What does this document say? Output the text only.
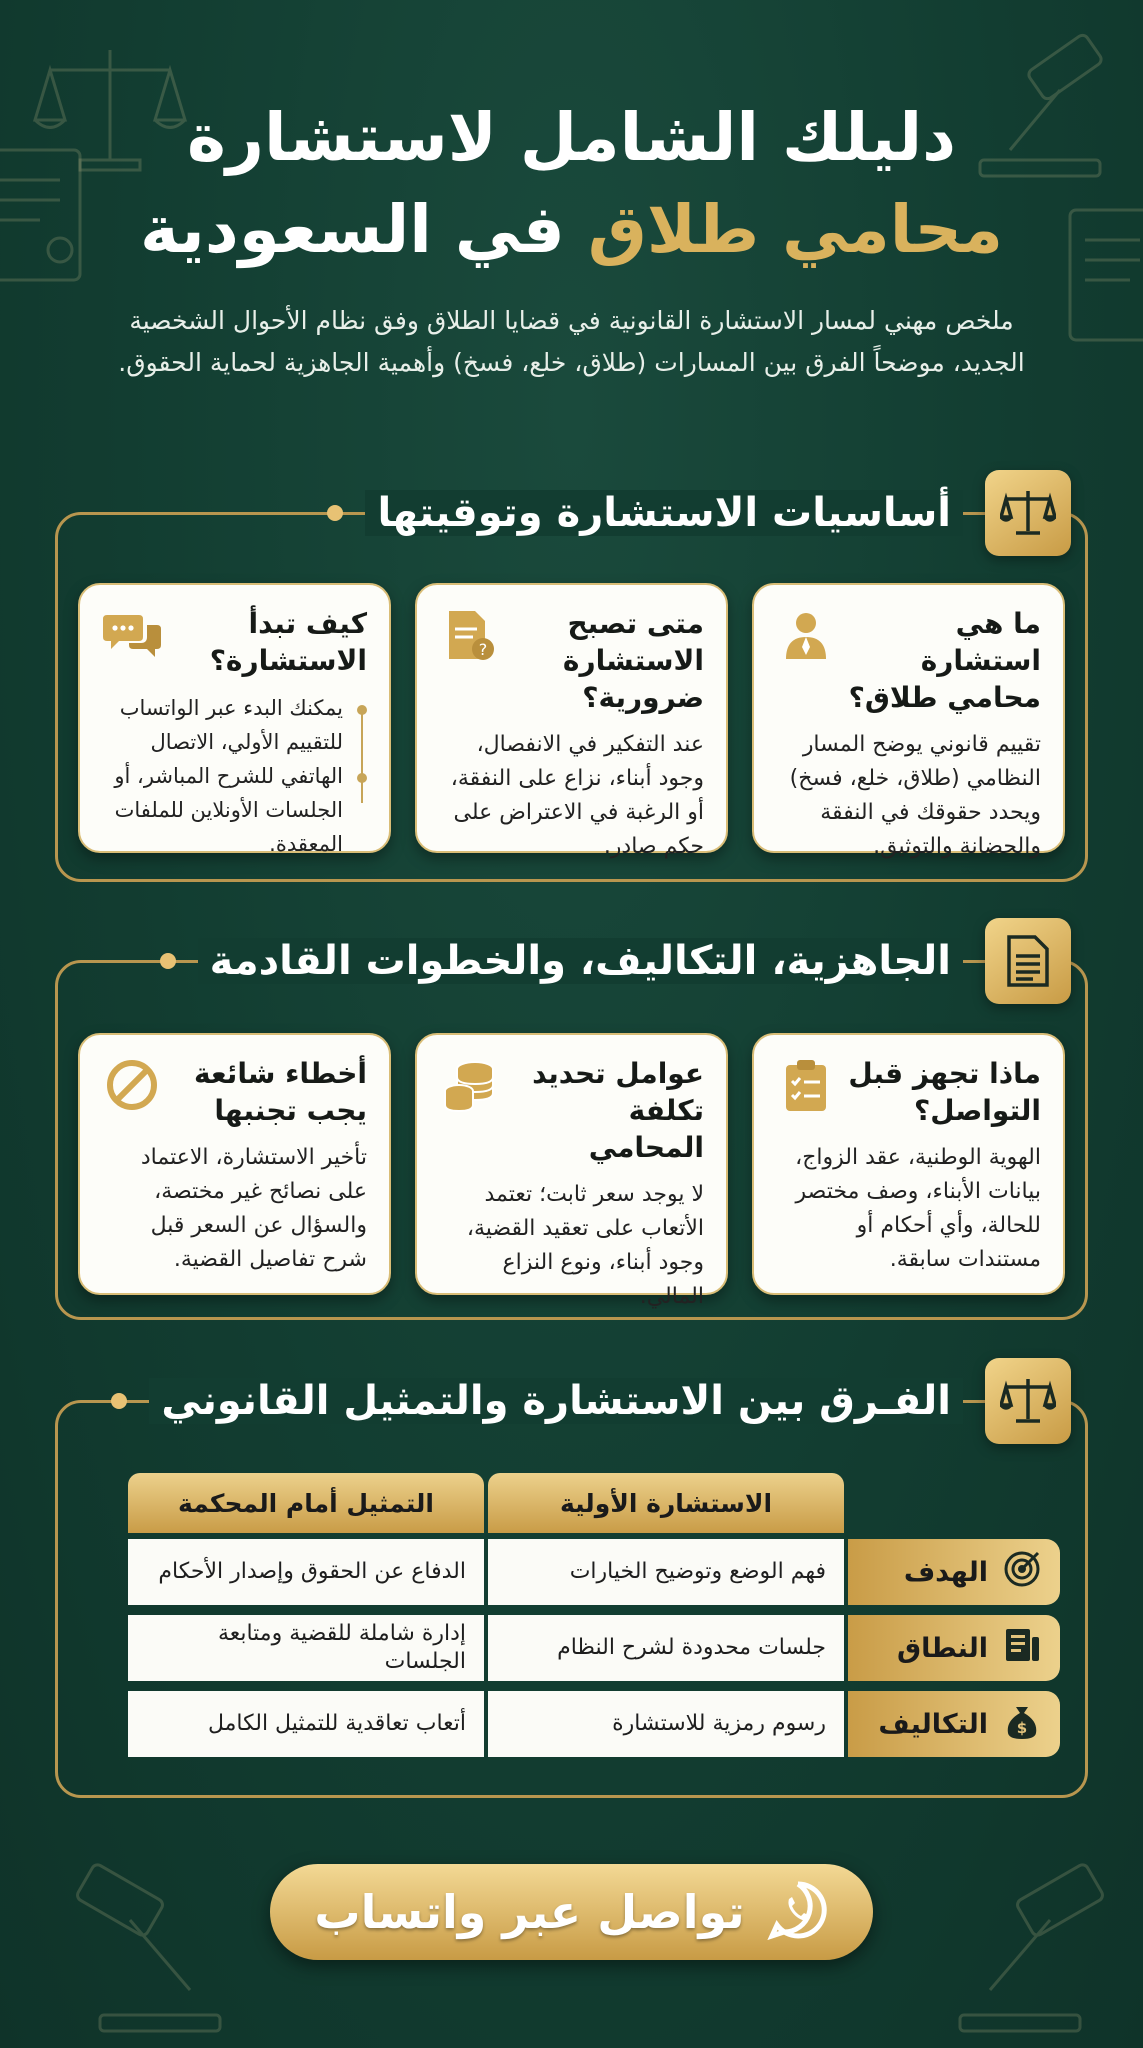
دليلك الشامل لاستشارة
محامي طلاق في السعودية
ملخص مهني لمسار الاستشارة القانونية في قضايا الطلاق وفق نظام الأحوال الشخصية الجديد، موضحاً الفرق بين المسارات (طلاق، خلع، فسخ) وأهمية الجاهزية لحماية الحقوق.
أساسيات الاستشارة وتوقيتها
ما هي استشارة محامي طلاق؟
تقييم قانوني يوضح المسار النظامي (طلاق، خلع، فسخ) ويحدد حقوقك في النفقة والحضانة والتوثيق.
متى تصبح الاستشارة ضرورية؟
?
عند التفكير في الانفصال، وجود أبناء، نزاع على النفقة، أو الرغبة في الاعتراض على حكم صادر.
كيف تبدأ الاستشارة؟
يمكنك البدء عبر الواتساب للتقييم الأولي، الاتصال الهاتفي للشرح المباشر، أو الجلسات الأونلاين للملفات المعقدة.
الجاهزية، التكاليف، والخطوات القادمة
ماذا تجهز قبل التواصل؟
الهوية الوطنية، عقد الزواج، بيانات الأبناء، وصف مختصر للحالة، وأي أحكام أو مستندات سابقة.
عوامل تحديد تكلفة المحامي
لا يوجد سعر ثابت؛ تعتمد الأتعاب على تعقيد القضية، وجود أبناء، ونوع النزاع المالي.
أخطاء شائعة يجب تجنبها
تأخير الاستشارة، الاعتماد على نصائح غير مختصة، والسؤال عن السعر قبل شرح تفاصيل القضية.
الفـرق بين الاستشارة والتمثيل القانوني
الاستشارة الأولية
التمثيل أمام المحكمة
الهدف
فهم الوضع وتوضيح الخيارات
الدفاع عن الحقوق وإصدار الأحكام
النطاق
جلسات محدودة لشرح النظام
إدارة شاملة للقضية ومتابعة الجلسات
$
التكاليف
رسوم رمزية للاستشارة
أتعاب تعاقدية للتمثيل الكامل
تواصل عبر واتساب
